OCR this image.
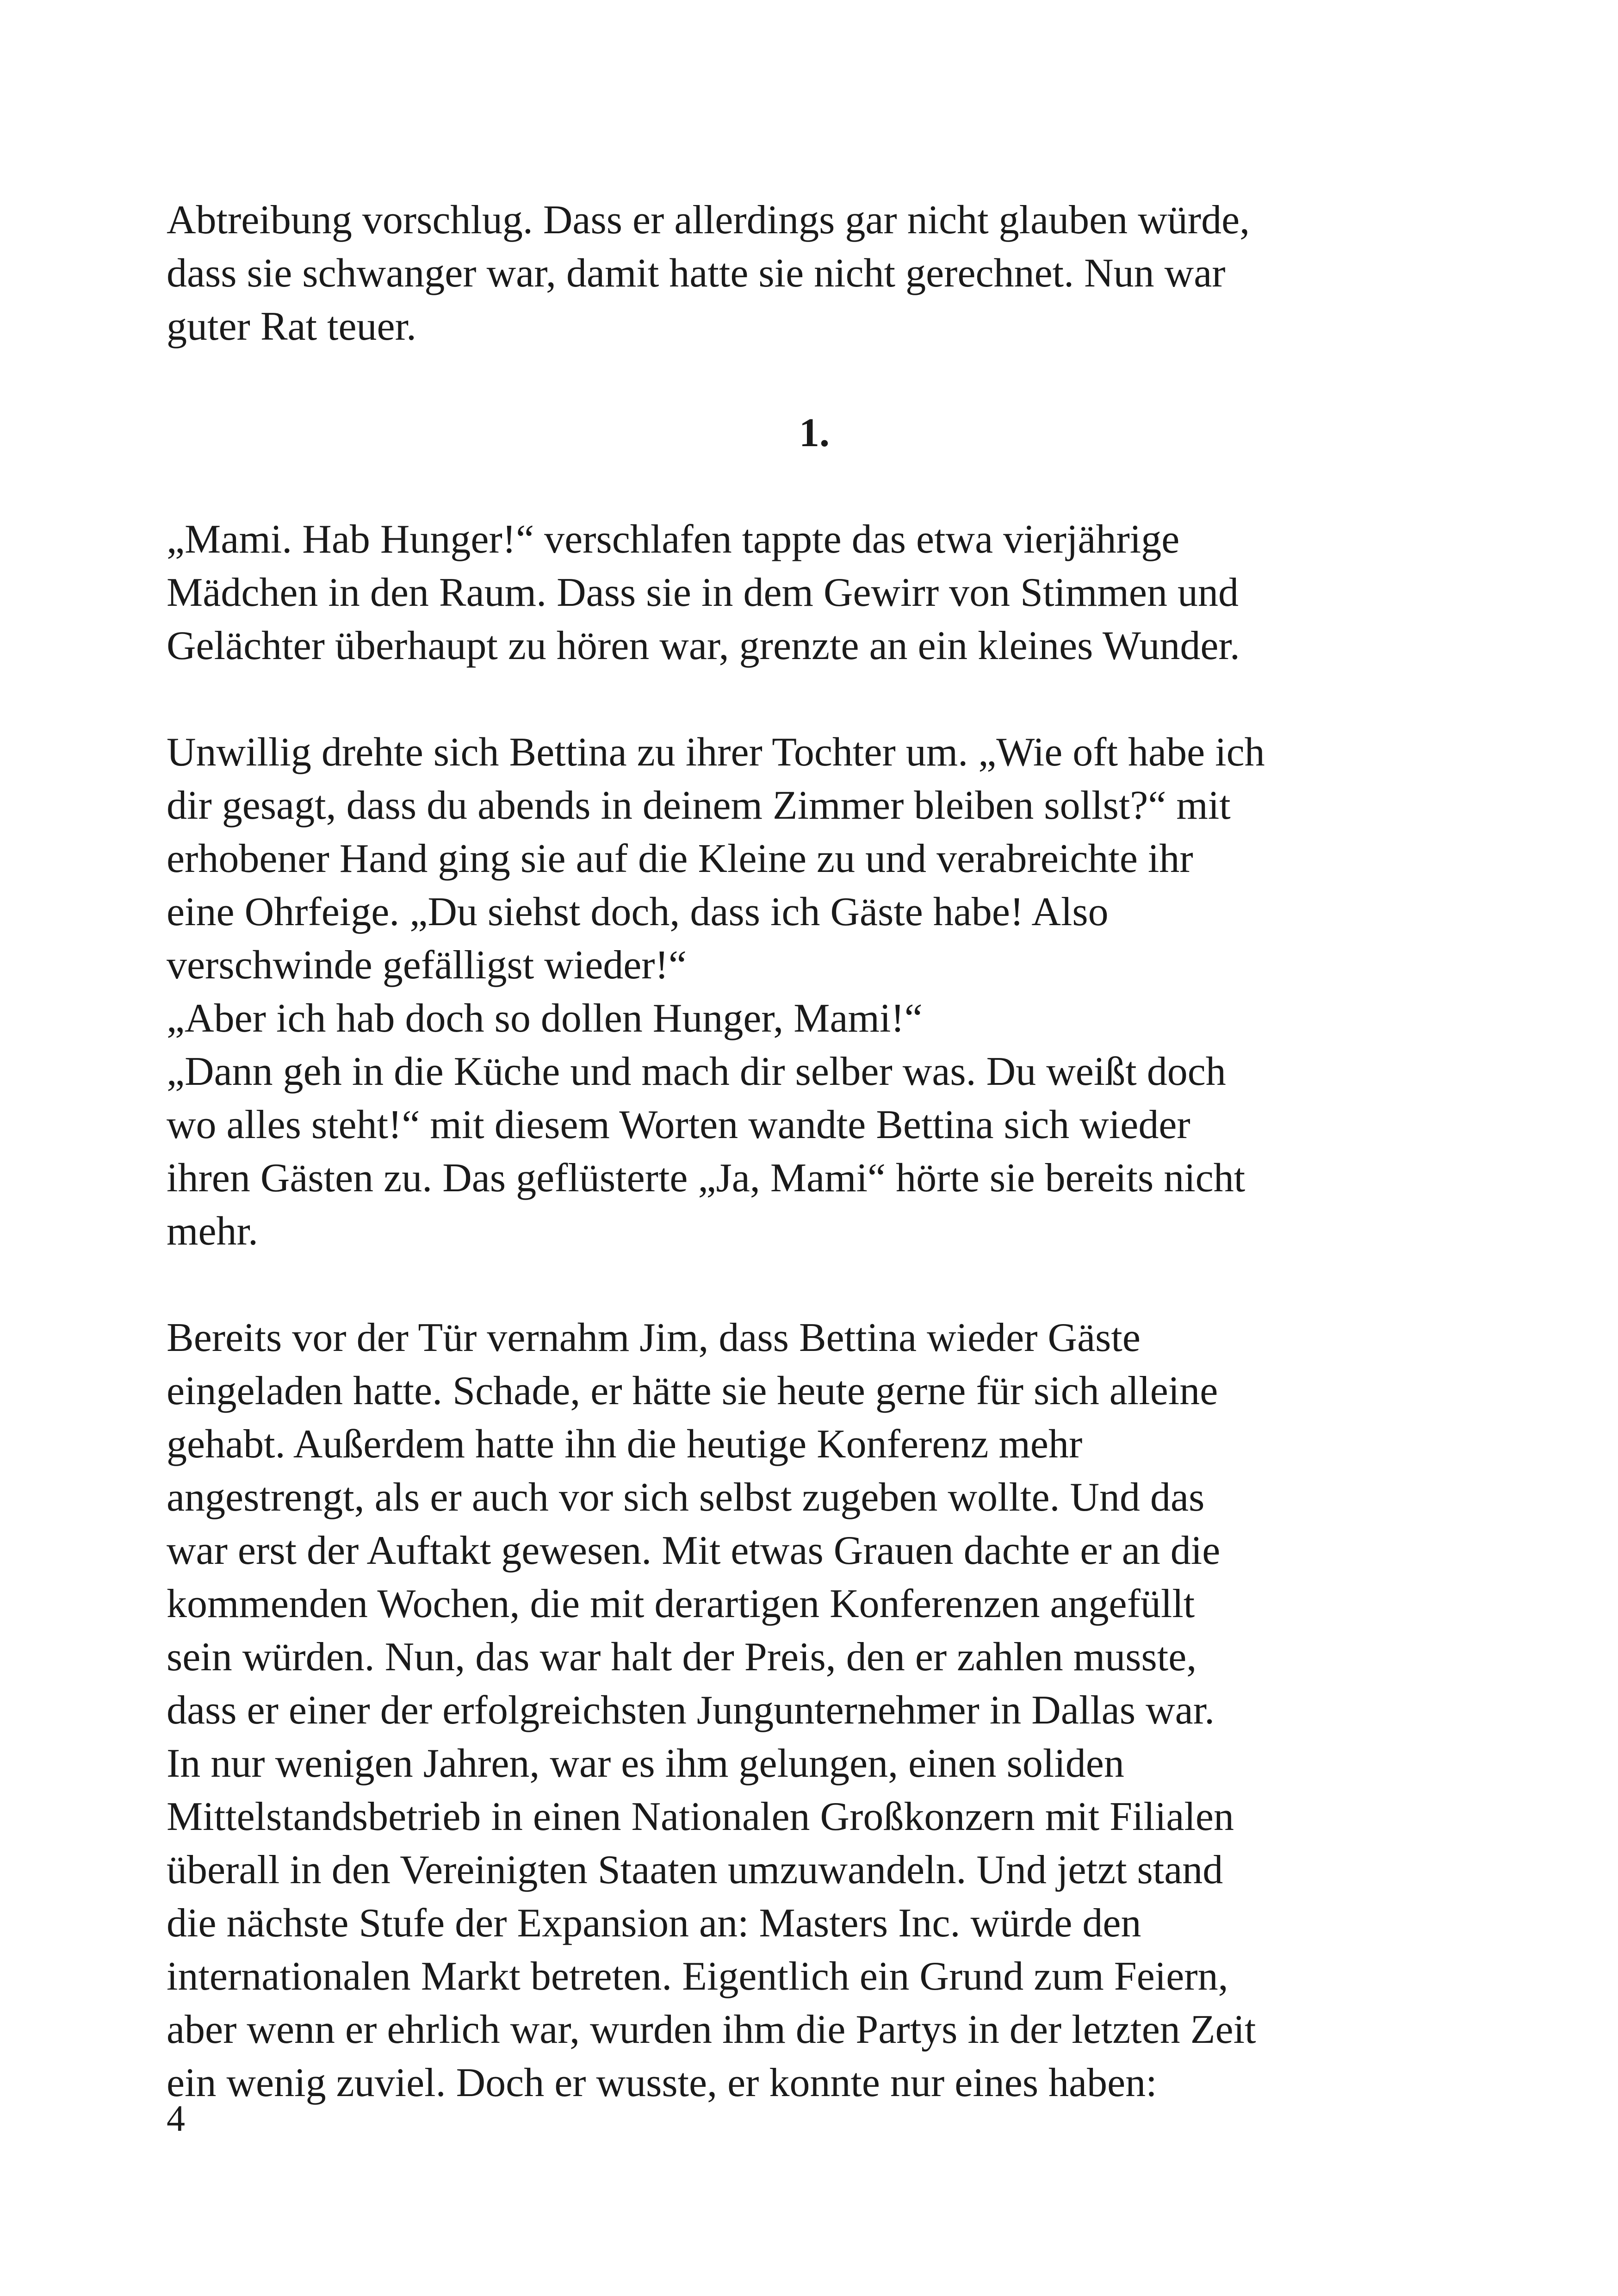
Abtreibung vorschlug. Dass er allerdings gar nicht glauben würde,
dass sie schwanger war, damit hatte sie nicht gerechnet. Nun war
guter Rat teuer.

1.

„Mami. Hab Hunger!“ verschlafen tappte das etwa vierjährige
Mädchen in den Raum. Dass sie in dem Gewirr von Stimmen und
Gelächter überhaupt zu hören war, grenzte an ein kleines Wunder.
Unwillig drehte sich Bettina zu ihrer Tochter um. „Wie oft habe ich
dir gesagt, dass du abends in deinem Zimmer bleiben sollst?“ mit
erhobener Hand ging sie auf die Kleine zu und verabreichte ihr
eine Ohrfeige. „Du siehst doch, dass ich Gäste habe! Also
verschwinde gefälligst wieder!“
„Aber ich hab doch so dollen Hunger, Mami!“
„Dann geh in die Küche und mach dir selber was. Du weißt doch
wo alles steht!“ mit diesem Worten wandte Bettina sich wieder
ihren Gästen zu. Das geflüsterte „Ja, Mami“ hörte sie bereits nicht
mehr.
Bereits vor der Tür vernahm Jim, dass Bettina wieder Gäste
eingeladen hatte. Schade, er hätte sie heute gerne für sich alleine
gehabt. Außerdem hatte ihn die heutige Konferenz mehr
angestrengt, als er auch vor sich selbst zugeben wollte. Und das
war erst der Auftakt gewesen. Mit etwas Grauen dachte er an die
kommenden Wochen, die mit derartigen Konferenzen angefüllt
sein würden. Nun, das war halt der Preis, den er zahlen musste,
dass er einer der erfolgreichsten Jungunternehmer in Dallas war.
In nur wenigen Jahren, war es ihm gelungen, einen soliden
Mittelstandsbetrieb in einen Nationalen Großkonzern mit Filialen
überall in den Vereinigten Staaten umzuwandeln. Und jetzt stand
die nächste Stufe der Expansion an: Masters Inc. würde den
internationalen Markt betreten. Eigentlich ein Grund zum Feiern,
aber wenn er ehrlich war, wurden ihm die Partys in der letzten Zeit
ein wenig zuviel. Doch er wusste, er konnte nur eines haben:

4
